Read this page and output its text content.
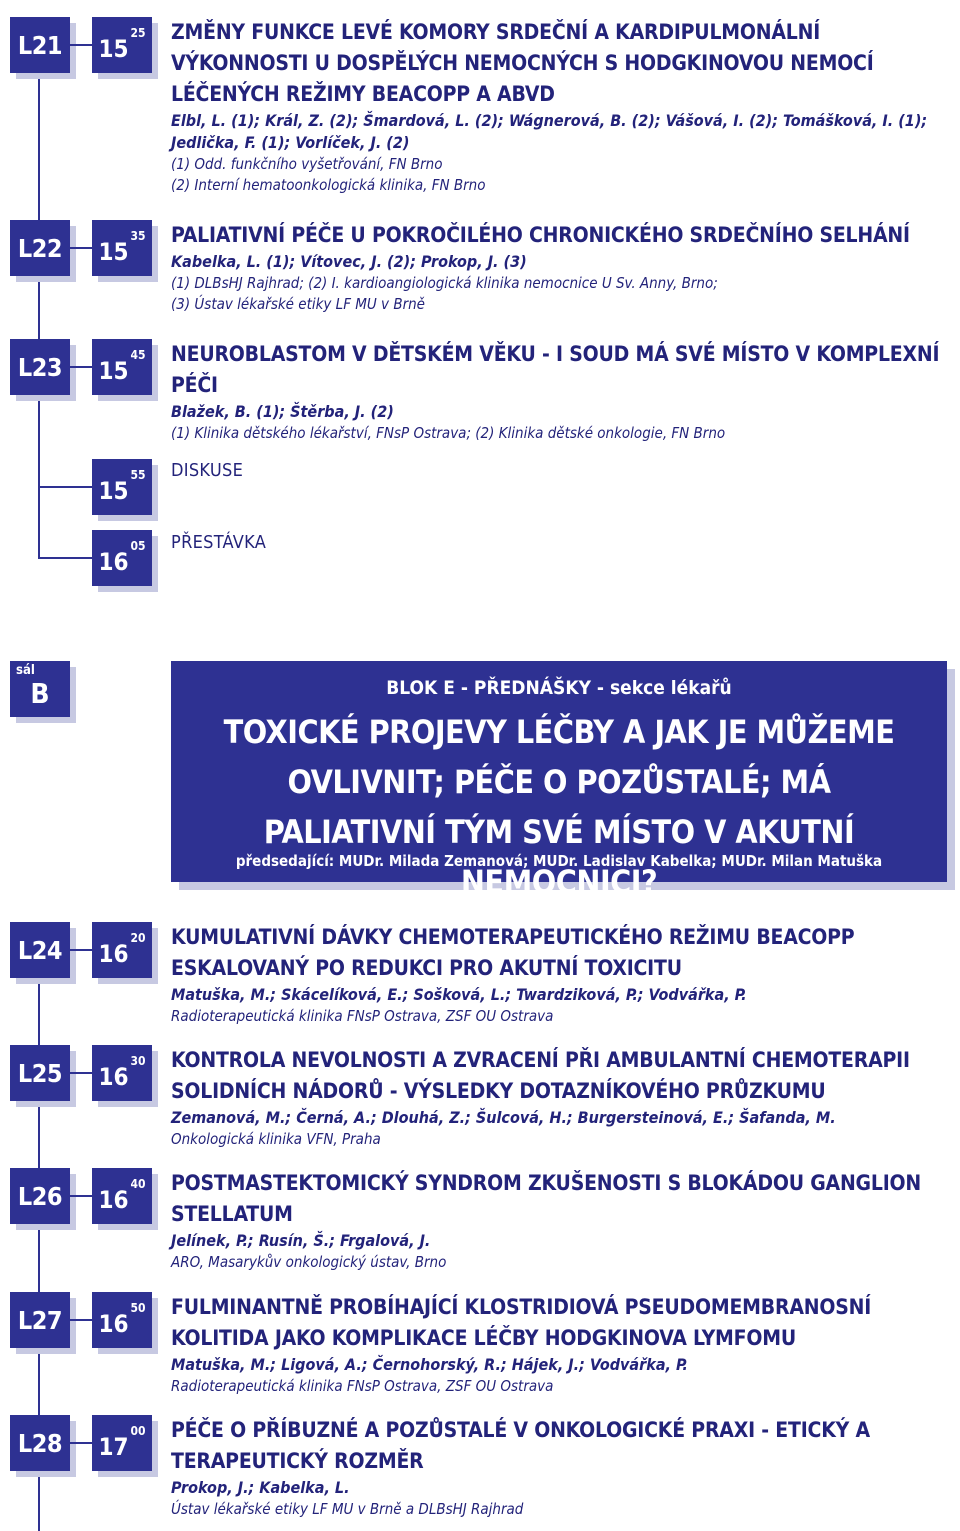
L21 15
$^{25}$ ZMĚNY FUNKCE LEVÉ KOMORY SRDEČNÍ A KARDIPULMONÁLNÍ VÝKONNOSTI U DOSPĚLÝCH NEMOCNÝCH S HODGKINOVOU NEMOCÍ LÉČENÝCH REŽIMY BEACOPP A ABVD
Elbl, L. (1); Král, Z. (2); Šmardová, L. (2); Wágnerová, B. (2); Vášová, I. (2); Tomášková, I. (1); Jedlička, F. (1); Vorlíček, J. (2)
(1) Odd. funkčního vyšetřování, FN Brno
(2) Interní hematoonkologická klinika, FN Brno
L22 15
$^{35}$ PALIATIVNÍ PÉČE U POKROČILÉHO CHRONICKÉHO SRDEČNÍHO SELHÁNÍ
Kabelka, L. (1); Vítovec, J. (2); Prokop, J. (3)
(1) DLBsHJ Rajhrad; (2) I. kardioangiologická klinika nemocnice U Sv. Anny, Brno;
(3) Ústav lékařské etiky LF MU v Brně
L23 15
$^{45}$ NEUROBLASTOM V DĚTSKÉM VĚKU - I SOUD MÁ SVÉ MÍSTO V KOMPLEXNÍ PÉČI
Blažek, B. (1); Štěrba, J. (2)
(1) Klinika dětského lékařství, FNsP Ostrava; (2) Klinika dětské onkologie, FN Brno
15
$^{55}$ DISKUSE
16
$^{05}$ PŘESTÁVKA
sál
B	BLOK E - PŘEDNÁŠKY - sekce lékařů
TOXICKÉ PROJEVY LÉČBY A JAK JE MŮŽEME OVLIVNIT; PÉČE O POZŮSTALÉ; MÁ PALIATIVNÍ TÝM SVÉ MÍSTO V AKUTNÍ NEMOCNICI?
předsedající: MUDr. Milada Zemanová; MUDr. Ladislav Kabelka; MUDr. Milan Matuška
L24 16
$^{20}$ KUMULATIVNÍ DÁVKY CHEMOTERAPEUTICKÉHO REŽIMU BEACOPP ESKALOVANÝ PO REDUKCI PRO AKUTNÍ TOXICITU
Matuška, M.; Skácelíková, E.; Sošková, L.; Twardziková, P.; Vodvářka, P.
Radioterapeutická klinika FNsP Ostrava, ZSF OU Ostrava
L25 16
$^{30}$ KONTROLA NEVOLNOSTI A ZVRACENÍ PŘI AMBULANTNÍ CHEMOTERAPII SOLIDNÍCH NÁDORŮ - VÝSLEDKY DOTAZNÍKOVÉHO PRŮZKUMU
Zemanová, M.; Černá, A.; Dlouhá, Z.; Šulcová, H.; Burgersteinová, E.; Šafanda, M.
Onkologická klinika VFN, Praha
L26 16
$^{40}$ POSTMASTEKTOMICKÝ SYNDROM ZKUŠENOSTI S BLOKÁDOU GANGLION STELLATUM
Jelínek, P.; Rusín, Š.; Frgalová, J.
ARO, Masarykův onkologický ústav, Brno
L27 16
$^{50}$ FULMINANTNĚ PROBÍHAJÍCÍ KLOSTRIDIOVÁ PSEUDOMEMBRANOSNÍ KOLITIDA JAKO KOMPLIKACE LÉČBY HODGKINOVA LYMFOMU
Matuška, M.; Ligová, A.; Černohorský, R.; Hájek, J.; Vodvářka, P.
Radioterapeutická klinika FNsP Ostrava, ZSF OU Ostrava
L28 17
$^{00}$ PÉČE O PŘÍBUZNÉ A POZŮSTALÉ V ONKOLOGICKÉ PRAXI - ETICKÝ A TERAPEUTICKÝ ROZMĚR
Prokop, J.; Kabelka, L.
Ústav lékařské etiky LF MU v Brně a DLBsHJ Rajhrad
